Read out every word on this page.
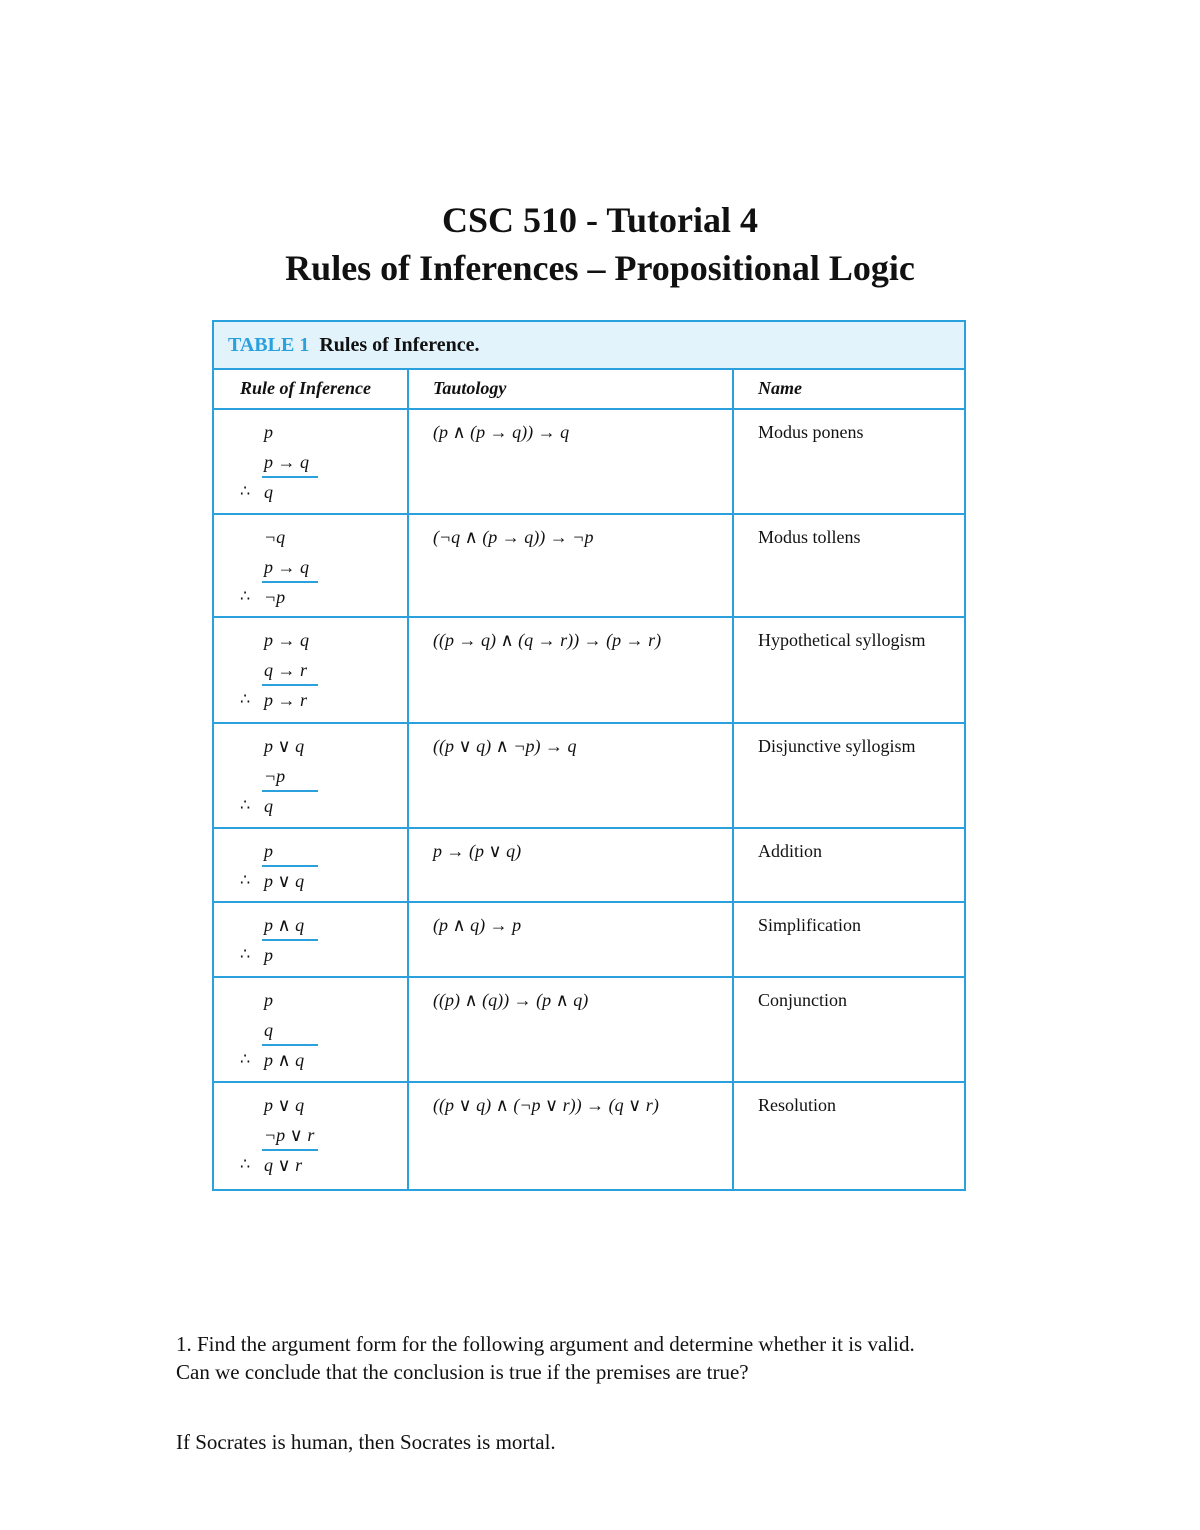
CSC 510 - Tutorial 4
Rules of Inferences – Propositional Logic
TABLE 1 Rules of Inference.
Rule of Inference	Tautology	Name
p
p → q
∴ q
(p ∧ (p → q)) → q	Modus ponens
¬q
p → q
∴ ¬p
(¬q ∧ (p → q)) → ¬p	Modus tollens
p → q
q → r
∴ p → r
((p → q) ∧ (q → r)) → (p → r)	Hypothetical syllogism
p ∨ q
¬p
∴ q
((p ∨ q) ∧ ¬p) → q	Disjunctive syllogism
p
∴ p ∨ q
p → (p ∨ q)	Addition
p ∧ q
∴ p
(p ∧ q) → p	Simplification
p
q
∴ p ∧ q
((p) ∧ (q)) → (p ∧ q)	Conjunction
p ∨ q
¬p ∨ r
∴ q ∨ r
((p ∨ q) ∧ (¬p ∨ r)) → (q ∨ r)	Resolution
1. Find the argument form for the following argument and determine whether it is valid.
Can we conclude that the conclusion is true if the premises are true?
If Socrates is human, then Socrates is mortal.
